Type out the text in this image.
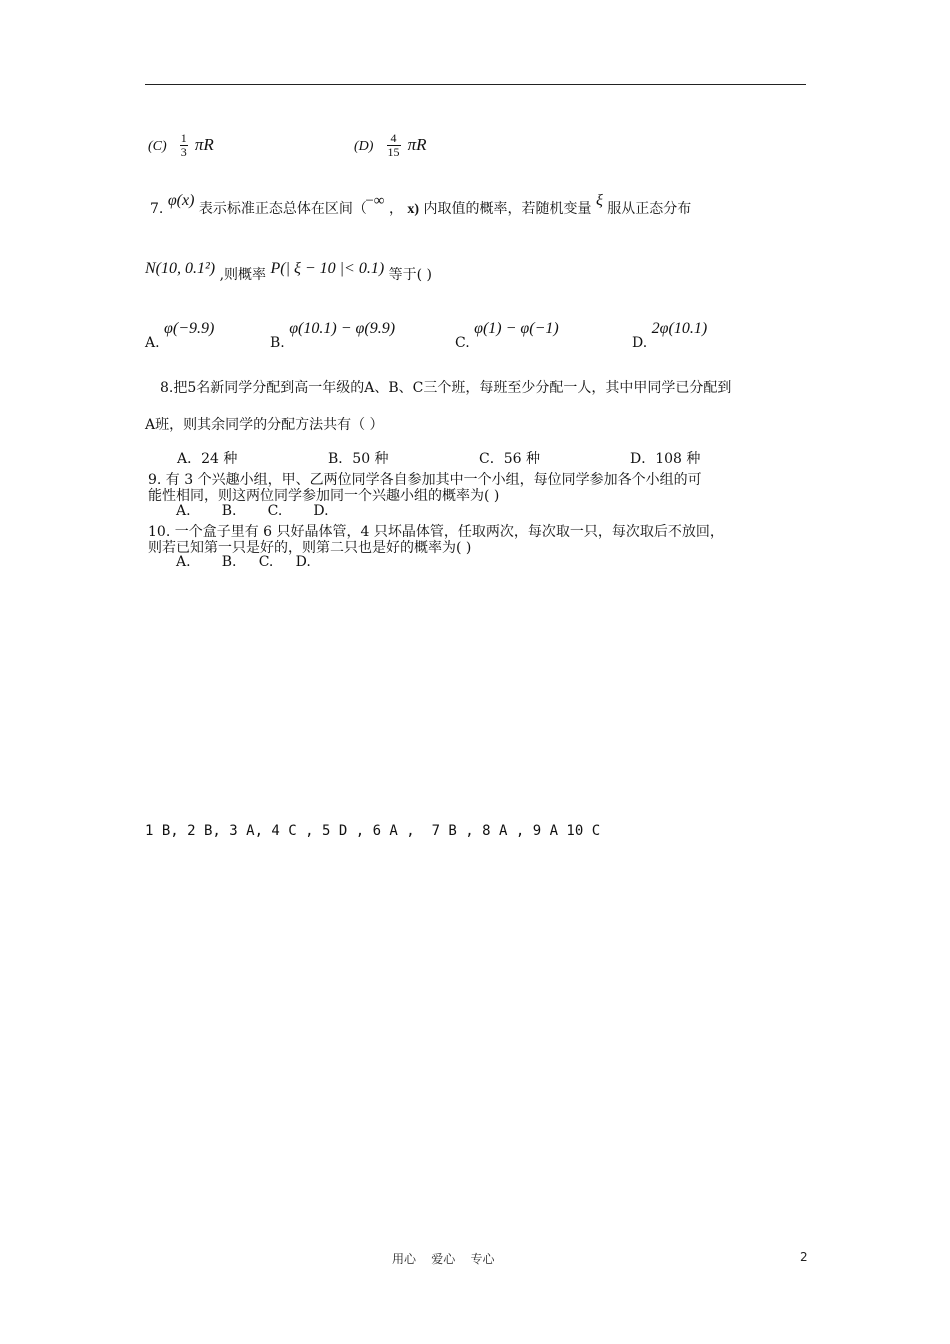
$(C) \frac{1}{3}$ πR	$(D) \frac{4}{15}$ πR
7. φ(x) 表示标准正态总体在区间（ −∞ ， x) 内取值的概率，若随机变量 ξ 服从正态分布
N(10, 0.1²) ,则概率 P(| ξ − 10 |< 0.1) 等于( )
A. φ(−9.9)
B. φ(10.1) − φ(9.9)
C. φ(1) − φ(−1)
D. 2φ(10.1)
8.把5名新同学分配到高一年级的A、B、C三个班，每班至少分配一人，其中甲同学已分配到
A班，则其余同学的分配方法共有（ ）
A．24 种	B．50 种	C．56 种	D．108 种
9. 有 3 个兴趣小组，甲、乙两位同学各自参加其中一个小组，每位同学参加各个小组的可
能性相同，则这两位同学参加同一个兴趣小组的概率为( )
A.       B.       C.       D.
10. 一个盒子里有 6 只好晶体管，4 只坏晶体管，任取两次，每次取一只，每次取后不放回，
则若已知第一只是好的，则第二只也是好的概率为( )
A.       B.     C.     D.
1 B, 2 B, 3 A, 4 C , 5 D , 6 A ,  7 B , 8 A , 9 A 10 C
用心    爱心    专心	2
